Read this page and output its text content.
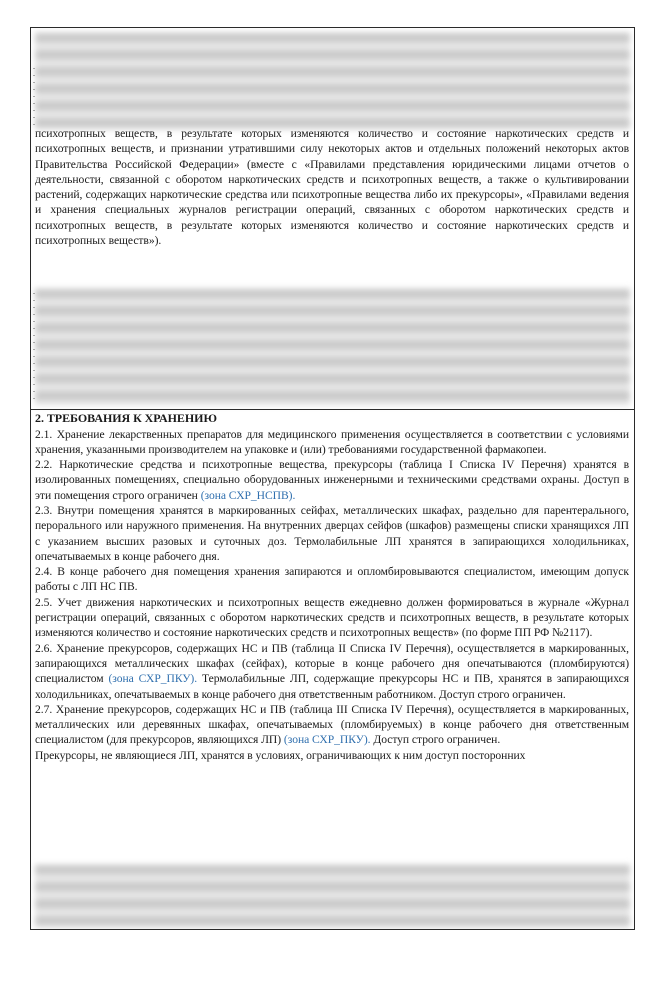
психотропных веществ, в результате которых изменяются количество и состояние наркотических средств и психотропных веществ, и признании утратившими силу некоторых актов и отдельных положений некоторых актов Правительства Российской Федерации» (вместе с «Правилами представления юридическими лицами отчетов о деятельности, связанной с оборотом наркотических средств и психотропных веществ, а также о культивировании растений, содержащих наркотические средства или психотропные вещества либо их прекурсоры», «Правилами ведения и хранения специальных журналов регистрации операций, связанных с оборотом наркотических средств и психотропных веществ, в результате которых изменяются количество и состояние наркотических средств и психотропных веществ»).

2. ТРЕБОВАНИЯ К ХРАНЕНИЮ

2.1. Хранение лекарственных препаратов для медицинского применения осуществляется в соответствии с условиями хранения, указанными производителем на упаковке и (или) требованиями государственной фармакопеи.

2.2. Наркотические средства и психотропные вещества, прекурсоры (таблица I Списка IV Перечня) хранятся в изолированных помещениях, специально оборудованных инженерными и техническими средствами охраны. Доступ в эти помещения строго ограничен (зона СХР_НСПВ).

2.3. Внутри помещения хранятся в маркированных сейфах, металлических шкафах, раздельно для парентерального, перорального или наружного применения. На внутренних дверцах сейфов (шкафов) размещены списки хранящихся ЛП с указанием высших разовых и суточных доз. Термолабильные ЛП хранятся в запирающихся холодильниках, опечатываемых в конце рабочего дня.

2.4. В конце рабочего дня помещения хранения запираются и опломбировываются специалистом, имеющим допуск работы с ЛП НС ПВ.

2.5. Учет движения наркотических и психотропных веществ ежедневно должен формироваться в журнале «Журнал регистрации операций, связанных с оборотом наркотических средств и психотропных веществ, в результате которых изменяются количество и состояние наркотических средств и психотропных веществ» (по форме ПП РФ №2117).

2.6. Хранение прекурсоров, содержащих НС и ПВ (таблица II Списка IV Перечня), осуществляется в маркированных, запирающихся металлических шкафах (сейфах), которые в конце рабочего дня опечатываются (пломбируются) специалистом (зона СХР_ПКУ). Термолабильные ЛП, содержащие прекурсоры НС и ПВ, хранятся в запирающихся холодильниках, опечатываемых в конце рабочего дня ответственным работником. Доступ строго ограничен.

2.7. Хранение прекурсоров, содержащих НС и ПВ (таблица III Списка IV Перечня), осуществляется в маркированных, металлических или деревянных шкафах, опечатываемых (пломбируемых) в конце рабочего дня ответственным специалистом (для прекурсоров, являющихся ЛП) (зона СХР_ПКУ). Доступ строго ограничен.

Прекурсоры, не являющиеся ЛП, хранятся в условиях, ограничивающих к ним доступ посторонних
